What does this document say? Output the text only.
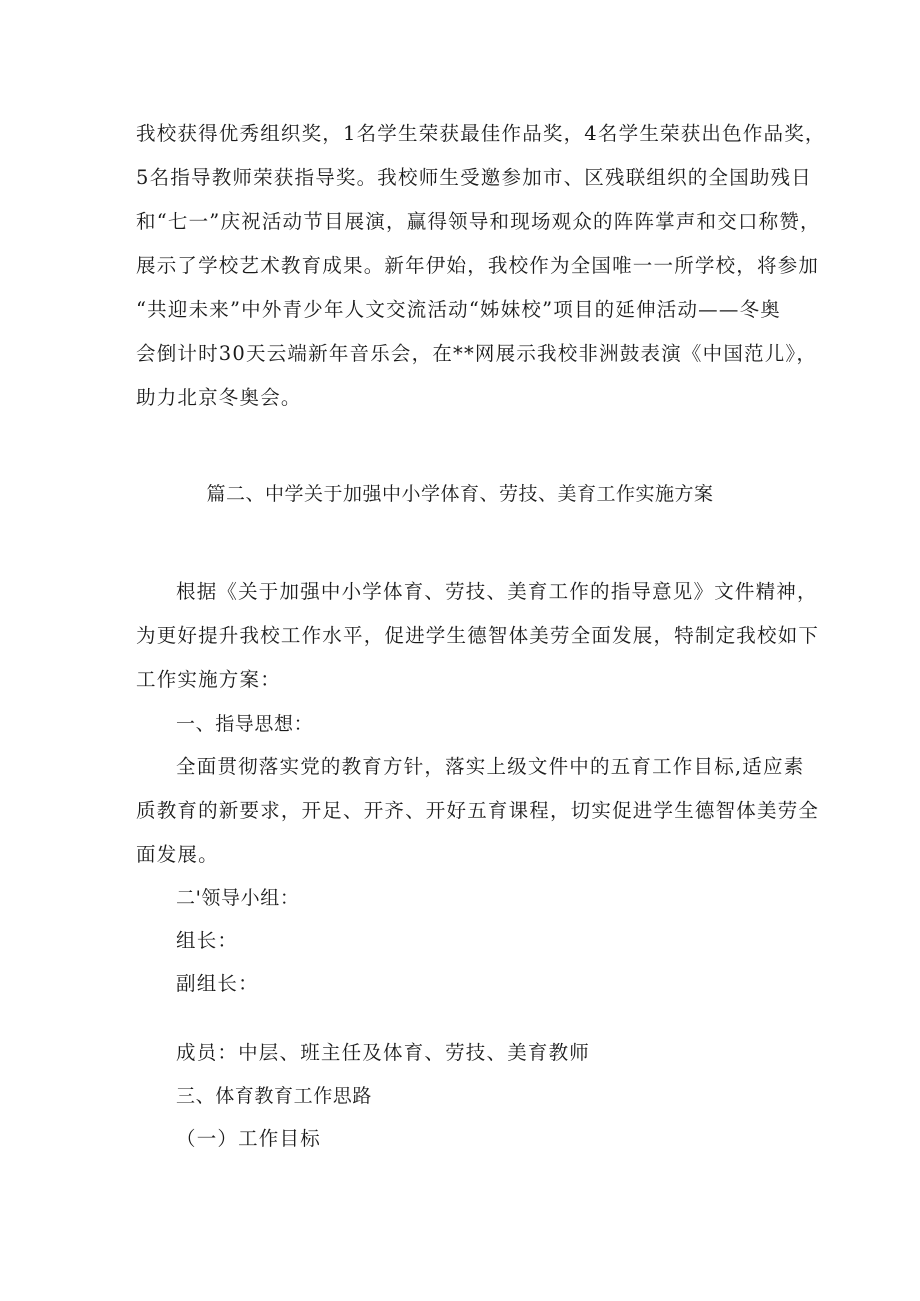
我校获得优秀组织奖，1名学生荣获最佳作品奖，4名学生荣获出色作品奖，
5名指导教师荣获指导奖。我校师生受邀参加市、区残联组织的全国助残日
和“七一”庆祝活动节目展演，赢得领导和现场观众的阵阵掌声和交口称赞，
展示了学校艺术教育成果。新年伊始，我校作为全国唯一一所学校，将参加
“共迎未来”中外青少年人文交流活动“姊妹校”项目的延伸活动——冬奥
会倒计时30天云端新年音乐会，在**网展示我校非洲鼓表演《中国范儿》，
助力北京冬奥会。
篇二、中学关于加强中小学体育、劳技、美育工作实施方案
根据《关于加强中小学体育、劳技、美育工作的指导意见》文件精神，
为更好提升我校工作水平，促进学生德智体美劳全面发展，特制定我校如下
工作实施方案：
一、指导思想：
全面贯彻落实党的教育方针，落实上级文件中的五育工作目标,适应素
质教育的新要求，开足、开齐、开好五育课程，切实促进学生德智体美劳全
面发展。
二'领导小组：
组长：
副组长：
成员：中层、班主任及体育、劳技、美育教师
三、体育教育工作思路
（一）工作目标
